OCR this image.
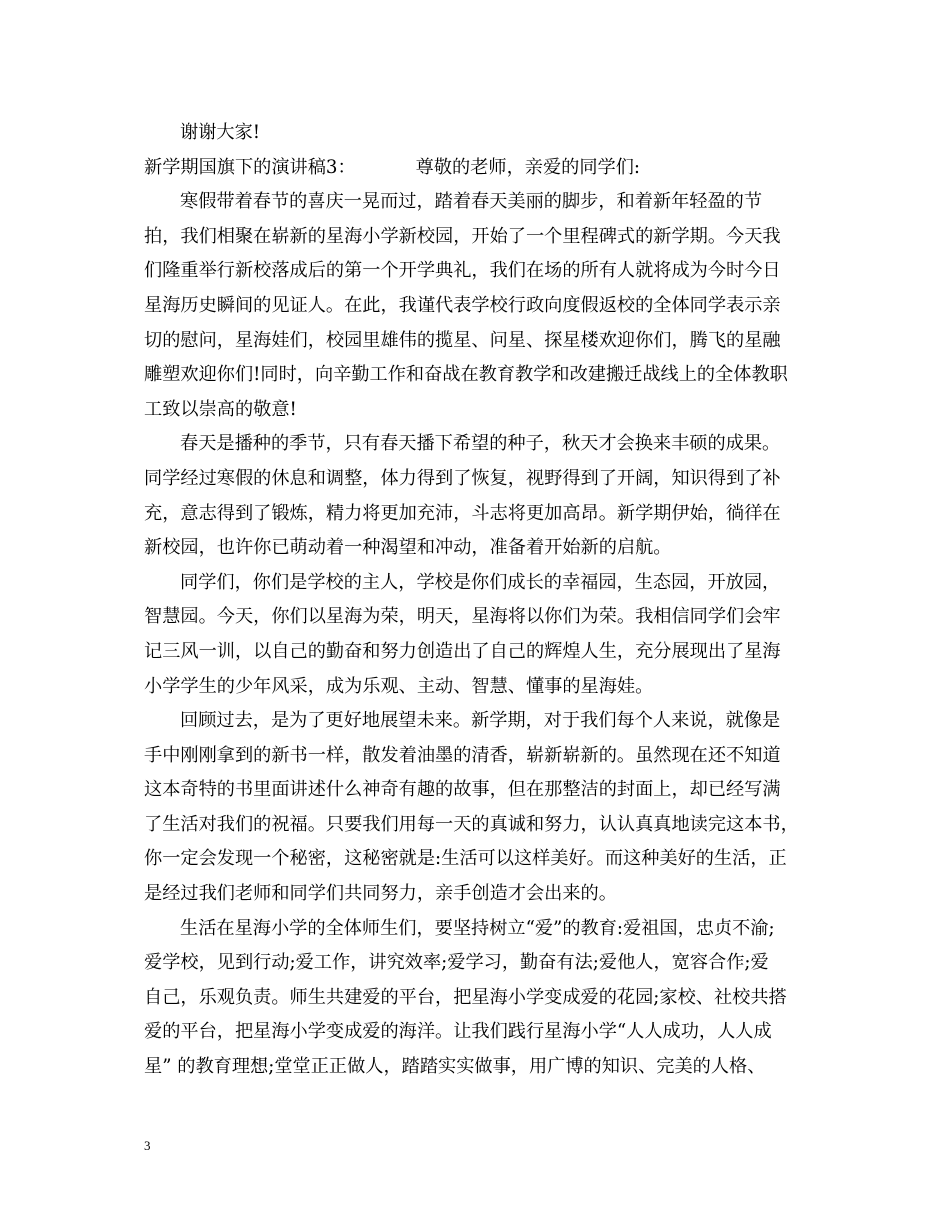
谢谢大家!
新学期国旗下的演讲稿3：	尊敬的老师，亲爱的同学们:
寒假带着春节的喜庆一晃而过，踏着春天美丽的脚步，和着新年轻盈的节
拍，我们相聚在崭新的星海小学新校园，开始了一个里程碑式的新学期。今天我
们隆重举行新校落成后的第一个开学典礼，我们在场的所有人就将成为今时今日
星海历史瞬间的见证人。在此，我谨代表学校行政向度假返校的全体同学表示亲
切的慰问，星海娃们，校园里雄伟的揽星、问星、探星楼欢迎你们，腾飞的星融
雕塑欢迎你们!同时，向辛勤工作和奋战在教育教学和改建搬迁战线上的全体教职
工致以崇高的敬意!
春天是播种的季节，只有春天播下希望的种子，秋天才会换来丰硕的成果。
同学经过寒假的休息和调整，体力得到了恢复，视野得到了开阔，知识得到了补
充，意志得到了锻炼，精力将更加充沛，斗志将更加高昂。新学期伊始，徜徉在
新校园，也许你已萌动着一种渴望和冲动，准备着开始新的启航。
同学们，你们是学校的主人，学校是你们成长的幸福园，生态园，开放园，
智慧园。今天，你们以星海为荣，明天，星海将以你们为荣。我相信同学们会牢
记三风一训，以自己的勤奋和努力创造出了自己的辉煌人生，充分展现出了星海
小学学生的少年风采，成为乐观、主动、智慧、懂事的星海娃。
回顾过去，是为了更好地展望未来。新学期，对于我们每个人来说，就像是
手中刚刚拿到的新书一样，散发着油墨的清香，崭新崭新的。虽然现在还不知道
这本奇特的书里面讲述什么神奇有趣的故事，但在那整洁的封面上，却已经写满
了生活对我们的祝福。只要我们用每一天的真诚和努力，认认真真地读完这本书，
你一定会发现一个秘密，这秘密就是:生活可以这样美好。而这种美好的生活，正
是经过我们老师和同学们共同努力，亲手创造才会出来的。
生活在星海小学的全体师生们，要坚持树立“爱”的教育:爱祖国，忠贞不渝;
爱学校，见到行动;爱工作，讲究效率;爱学习，勤奋有法;爱他人，宽容合作;爱
自己，乐观负责。师生共建爱的平台，把星海小学变成爱的花园;家校、社校共搭
爱的平台，把星海小学变成爱的海洋。让我们践行星海小学“人人成功，人人成
星” 的教育理想;堂堂正正做人，踏踏实实做事，用广博的知识、完美的人格、
3
